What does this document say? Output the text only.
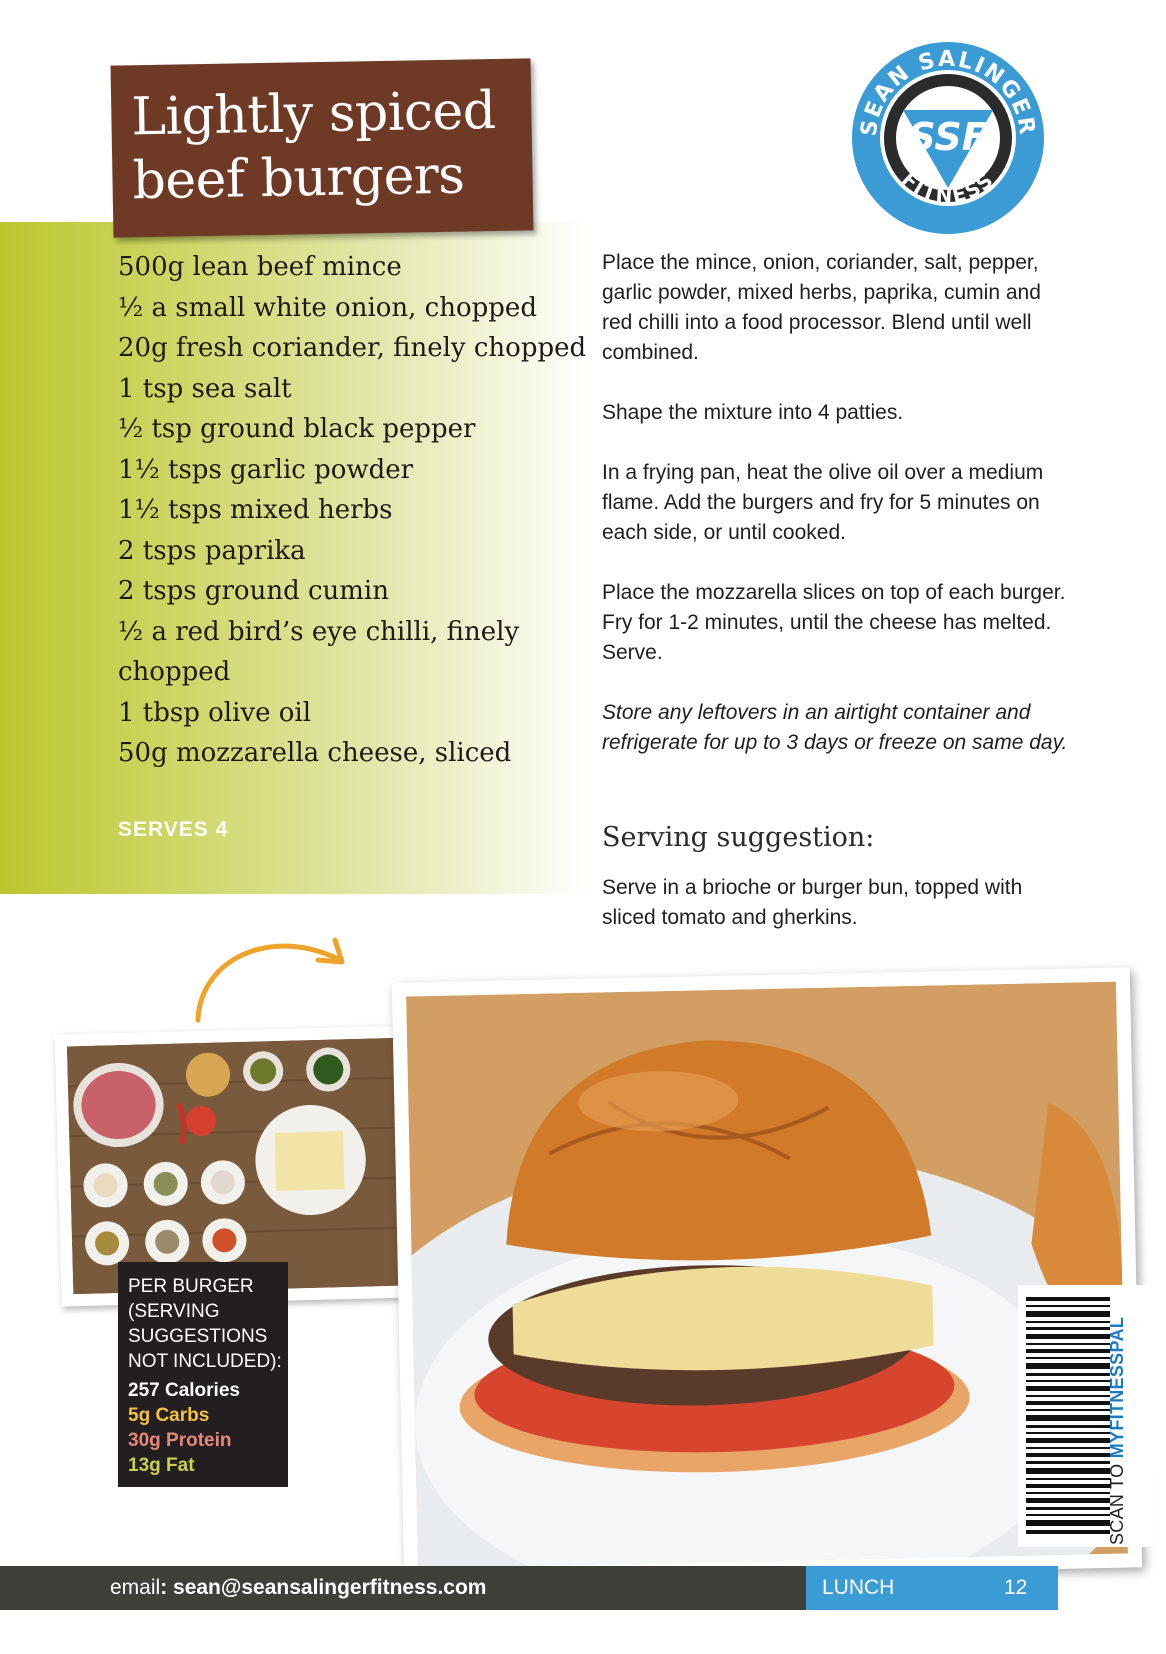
Lightly spiced
beef burgers
SEAN SALINGER
FITNESS
SSF
500g lean beef mince
½ a small white onion, chopped
20g fresh coriander, finely chopped
1 tsp sea salt
½ tsp ground black pepper
1½ tsps garlic powder
1½ tsps mixed herbs
2 tsps paprika
2 tsps ground cumin
½ a red bird’s eye chilli, finely
chopped
1 tbsp olive oil
50g mozzarella cheese, sliced
SERVES 4

Place the mince, onion, coriander, salt, pepper, garlic powder, mixed herbs, paprika, cumin and red chilli into a food processor. Blend until well combined.

Shape the mixture into 4 patties.

In a frying pan, heat the olive oil over a medium flame. Add the burgers and fry for 5 minutes on each side, or until cooked.

Place the mozzarella slices on top of each burger. Fry for 1-2 minutes, until the cheese has melted. Serve.

Store any leftovers in an airtight container and refrigerate for up to 3 days or freeze on same day.

Serving suggestion:
Serve in a brioche or burger bun, topped with sliced tomato and gherkins.
PER BURGER
(SERVING
SUGGESTIONS
NOT INCLUDED):
257 Calories
5g Carbs
30g Protein
13g Fat	SCAN TO MYFITNESSPAL
email: sean@seansalingerfitness.com	LUNCH	12
